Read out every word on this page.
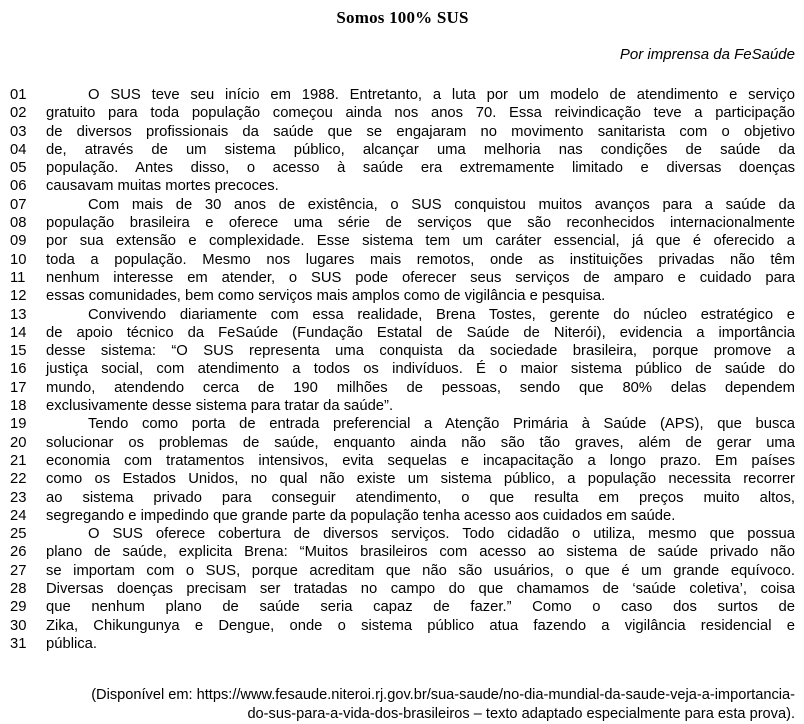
Somos 100% SUS
Por imprensa da FeSaúde
01	O SUS teve seu início em 1988. Entretanto, a luta por um modelo de atendimento e serviço
02	gratuito para toda população começou ainda nos anos 70. Essa reivindicação teve a participação
03	de diversos profissionais da saúde que se engajaram no movimento sanitarista com o objetivo
04	de, através de um sistema público, alcançar uma melhoria nas condições de saúde da
05	população. Antes disso, o acesso à saúde era extremamente limitado e diversas doenças
06	causavam muitas mortes precoces.
07	Com mais de 30 anos de existência, o SUS conquistou muitos avanços para a saúde da
08	população brasileira e oferece uma série de serviços que são reconhecidos internacionalmente
09	por sua extensão e complexidade. Esse sistema tem um caráter essencial, já que é oferecido a
10	toda a população. Mesmo nos lugares mais remotos, onde as instituições privadas não têm
11	nenhum interesse em atender, o SUS pode oferecer seus serviços de amparo e cuidado para
12	essas comunidades, bem como serviços mais amplos como de vigilância e pesquisa.
13	Convivendo diariamente com essa realidade, Brena Tostes, gerente do núcleo estratégico e
14	de apoio técnico da FeSaúde (Fundação Estatal de Saúde de Niterói), evidencia a importância
15	desse sistema: “O SUS representa uma conquista da sociedade brasileira, porque promove a
16	justiça social, com atendimento a todos os indivíduos. É o maior sistema público de saúde do
17	mundo, atendendo cerca de 190 milhões de pessoas, sendo que 80% delas dependem
18	exclusivamente desse sistema para tratar da saúde”.
19	Tendo como porta de entrada preferencial a Atenção Primária à Saúde (APS), que busca
20	solucionar os problemas de saúde, enquanto ainda não são tão graves, além de gerar uma
21	economia com tratamentos intensivos, evita sequelas e incapacitação a longo prazo. Em países
22	como os Estados Unidos, no qual não existe um sistema público, a população necessita recorrer
23	ao sistema privado para conseguir atendimento, o que resulta em preços muito altos,
24	segregando e impedindo que grande parte da população tenha acesso aos cuidados em saúde.
25	O SUS oferece cobertura de diversos serviços. Todo cidadão o utiliza, mesmo que possua
26	plano de saúde, explicita Brena: “Muitos brasileiros com acesso ao sistema de saúde privado não
27	se importam com o SUS, porque acreditam que não são usuários, o que é um grande equívoco.
28	Diversas doenças precisam ser tratadas no campo do que chamamos de ‘saúde coletiva’, coisa
29	que nenhum plano de saúde seria capaz de fazer.” Como o caso dos surtos de
30	Zika, Chikungunya e Dengue, onde o sistema público atua fazendo a vigilância residencial e
31	pública.
(Disponível em: https://www.fesaude.niteroi.rj.gov.br/sua-saude/no-dia-mundial-da-saude-veja-a-importancia-
do-sus-para-a-vida-dos-brasileiros – texto adaptado especialmente para esta prova).
